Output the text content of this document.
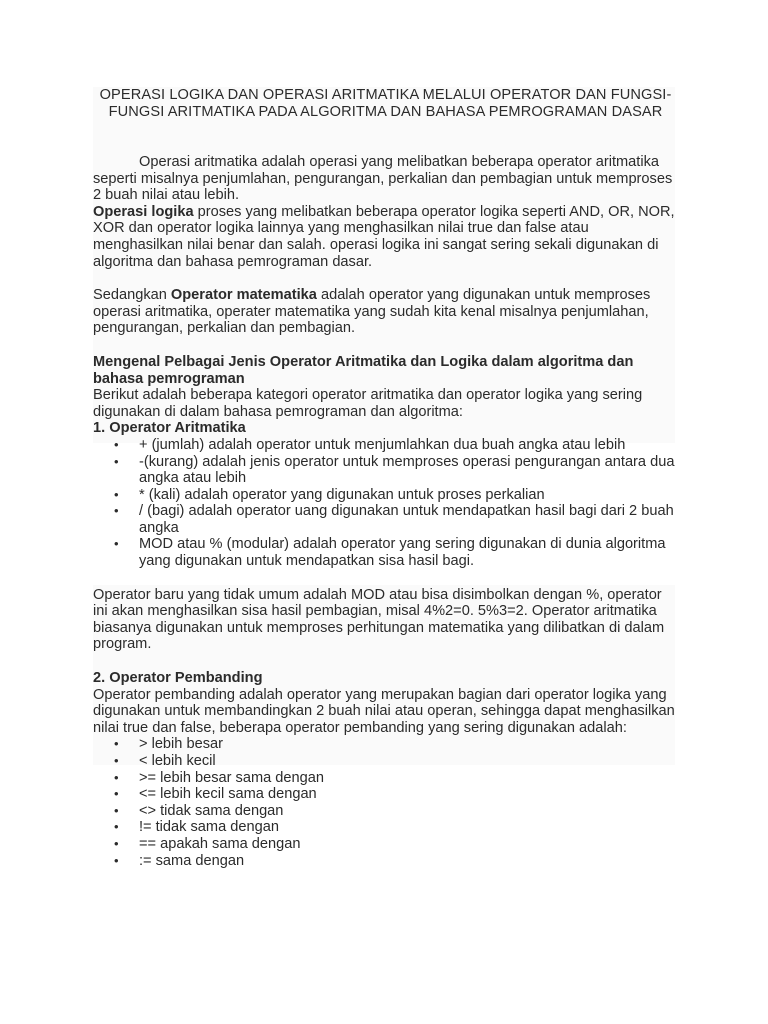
OPERASI LOGIKA DAN OPERASI ARITMATIKA MELALUI OPERATOR DAN FUNGSI-FUNGSI ARITMATIKA PADA ALGORITMA DAN BAHASA PEMROGRAMAN DASAR

Operasi aritmatika adalah operasi yang melibatkan beberapa operator aritmatika seperti misalnya penjumlahan, pengurangan, perkalian dan pembagian untuk memproses 2 buah nilai atau lebih.

Operasi logika proses yang melibatkan beberapa operator logika seperti AND, OR, NOR, XOR dan operator logika lainnya yang menghasilkan nilai true dan false atau menghasilkan nilai benar dan salah. operasi logika ini sangat sering sekali digunakan di algoritma dan bahasa pemrograman dasar.

Sedangkan Operator matematika adalah operator yang digunakan untuk memproses operasi aritmatika, operater matematika yang sudah kita kenal misalnya penjumlahan, pengurangan, perkalian dan pembagian.

Mengenal Pelbagai Jenis Operator Aritmatika dan Logika dalam algoritma dan bahasa pemrograman

Berikut adalah beberapa kategori operator aritmatika dan operator logika yang sering digunakan di dalam bahasa pemrograman dan algoritma:

1. Operator Aritmatika

• + (jumlah) adalah operator untuk menjumlahkan dua buah angka atau lebih
• -(kurang) adalah jenis operator untuk memproses operasi pengurangan antara dua angka atau lebih
• * (kali) adalah operator yang digunakan untuk proses perkalian
• / (bagi) adalah operator uang digunakan untuk mendapatkan hasil bagi dari 2 buah angka
• MOD atau % (modular) adalah operator yang sering digunakan di dunia algoritma yang digunakan untuk mendapatkan sisa hasil bagi.

Operator baru yang tidak umum adalah MOD atau bisa disimbolkan dengan %, operator ini akan menghasilkan sisa hasil pembagian, misal 4%2=0. 5%3=2. Operator aritmatika biasanya digunakan untuk memproses perhitungan matematika yang dilibatkan di dalam program.

2. Operator Pembanding

Operator pembanding adalah operator yang merupakan bagian dari operator logika yang digunakan untuk membandingkan 2 buah nilai atau operan, sehingga dapat menghasilkan nilai true dan false, beberapa operator pembanding yang sering digunakan adalah:

• > lebih besar
• < lebih kecil
• >= lebih besar sama dengan
• <= lebih kecil sama dengan
• <> tidak sama dengan
• != tidak sama dengan
• == apakah sama dengan
• := sama dengan
